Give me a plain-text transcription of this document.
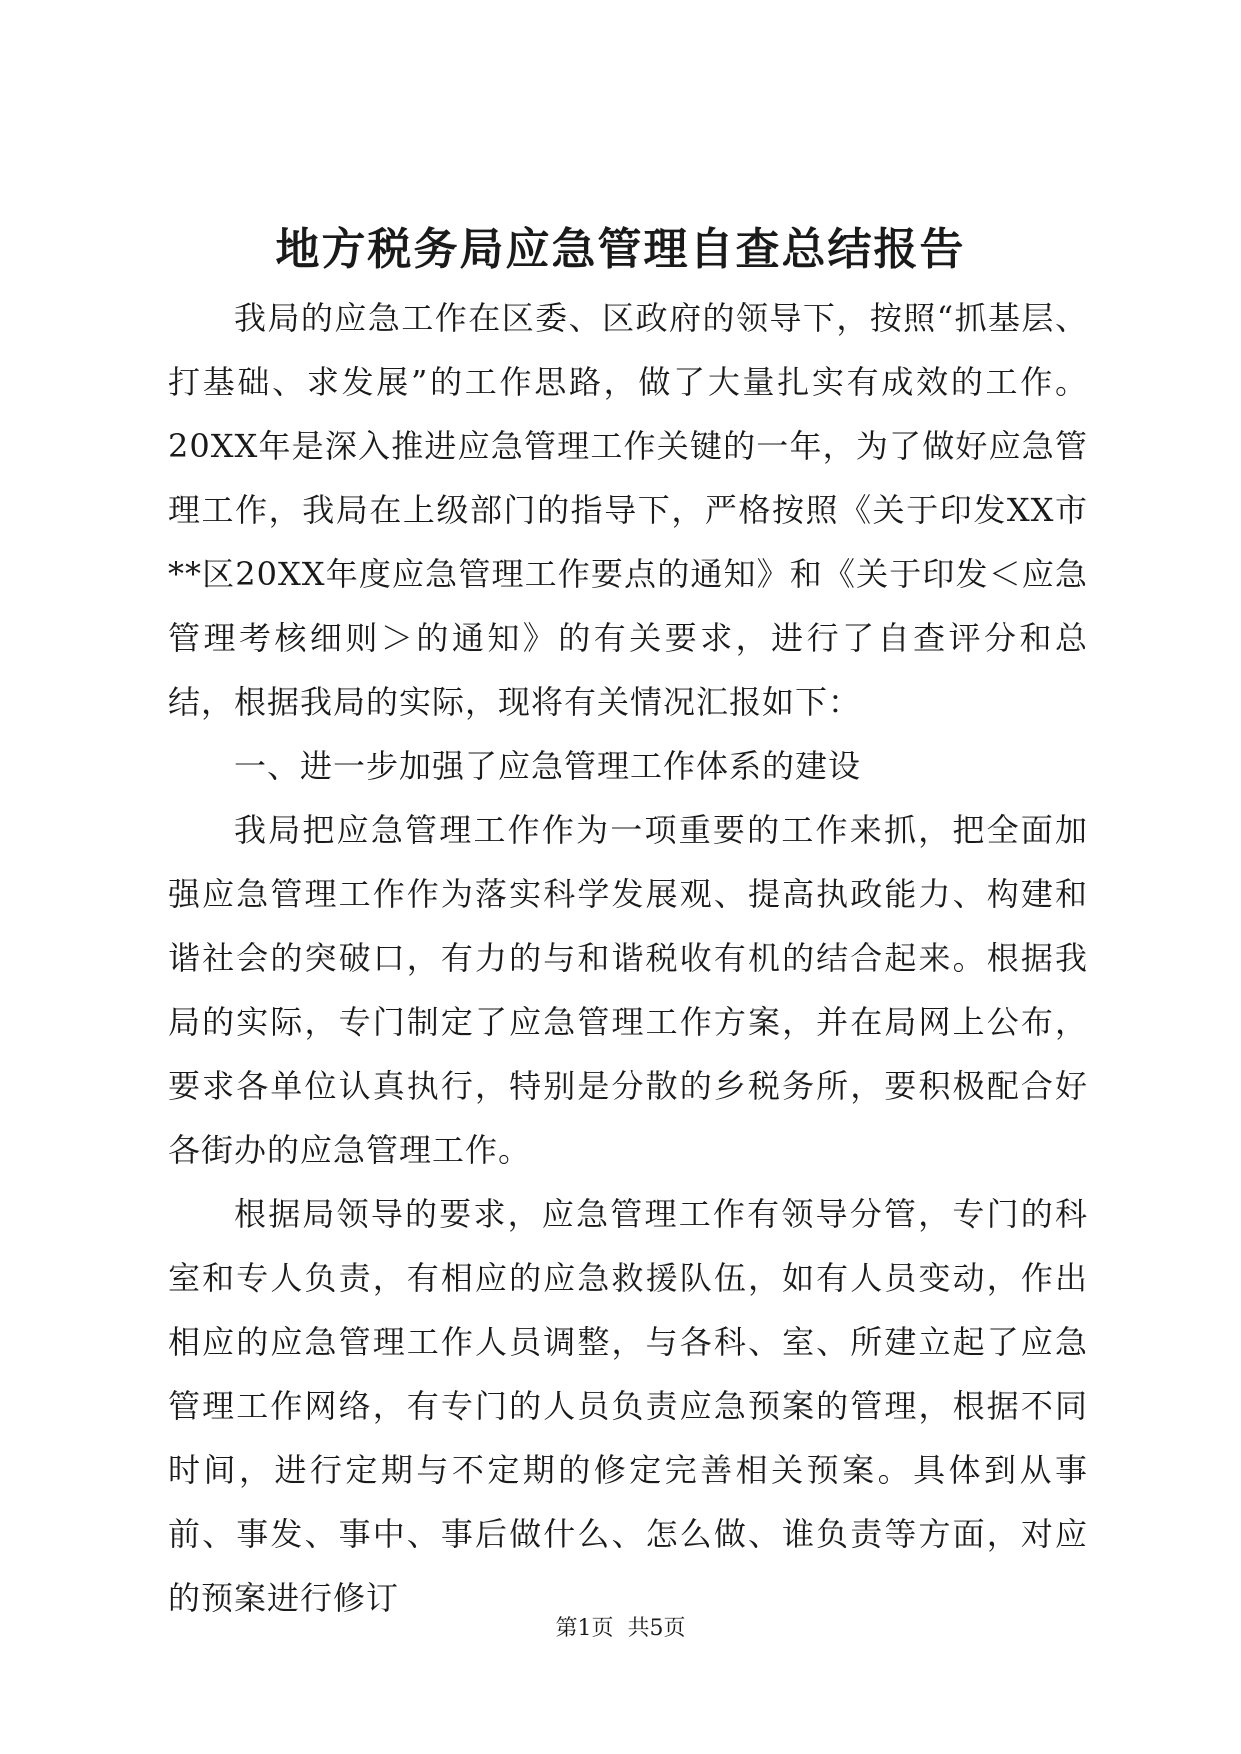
地方税务局应急管理自查总结报告

我局的应急工作在区委、区政府的领导下，按照“抓基层、打基础、求发展”的工作思路，做了大量扎实有成效的工作。20XX年是深入推进应急管理工作关键的一年，为了做好应急管理工作，我局在上级部门的指导下，严格按照《关于印发XX市**区20XX年度应急管理工作要点的通知》和《关于印发＜应急管理考核细则＞的通知》的有关要求，进行了自查评分和总结，根据我局的实际，现将有关情况汇报如下：

一、进一步加强了应急管理工作体系的建设

我局把应急管理工作作为一项重要的工作来抓，把全面加强应急管理工作作为落实科学发展观、提高执政能力、构建和谐社会的突破口，有力的与和谐税收有机的结合起来。根据我局的实际，专门制定了应急管理工作方案，并在局网上公布，要求各单位认真执行，特别是分散的乡税务所，要积极配合好各街办的应急管理工作。

根据局领导的要求，应急管理工作有领导分管，专门的科室和专人负责，有相应的应急救援队伍，如有人员变动，作出相应的应急管理工作人员调整，与各科、室、所建立起了应急管理工作网络，有专门的人员负责应急预案的管理，根据不同时间，进行定期与不定期的修定完善相关预案。具体到从事前、事发、事中、事后做什么、怎么做、谁负责等方面，对应的预案进行修订

第1页 共5页
